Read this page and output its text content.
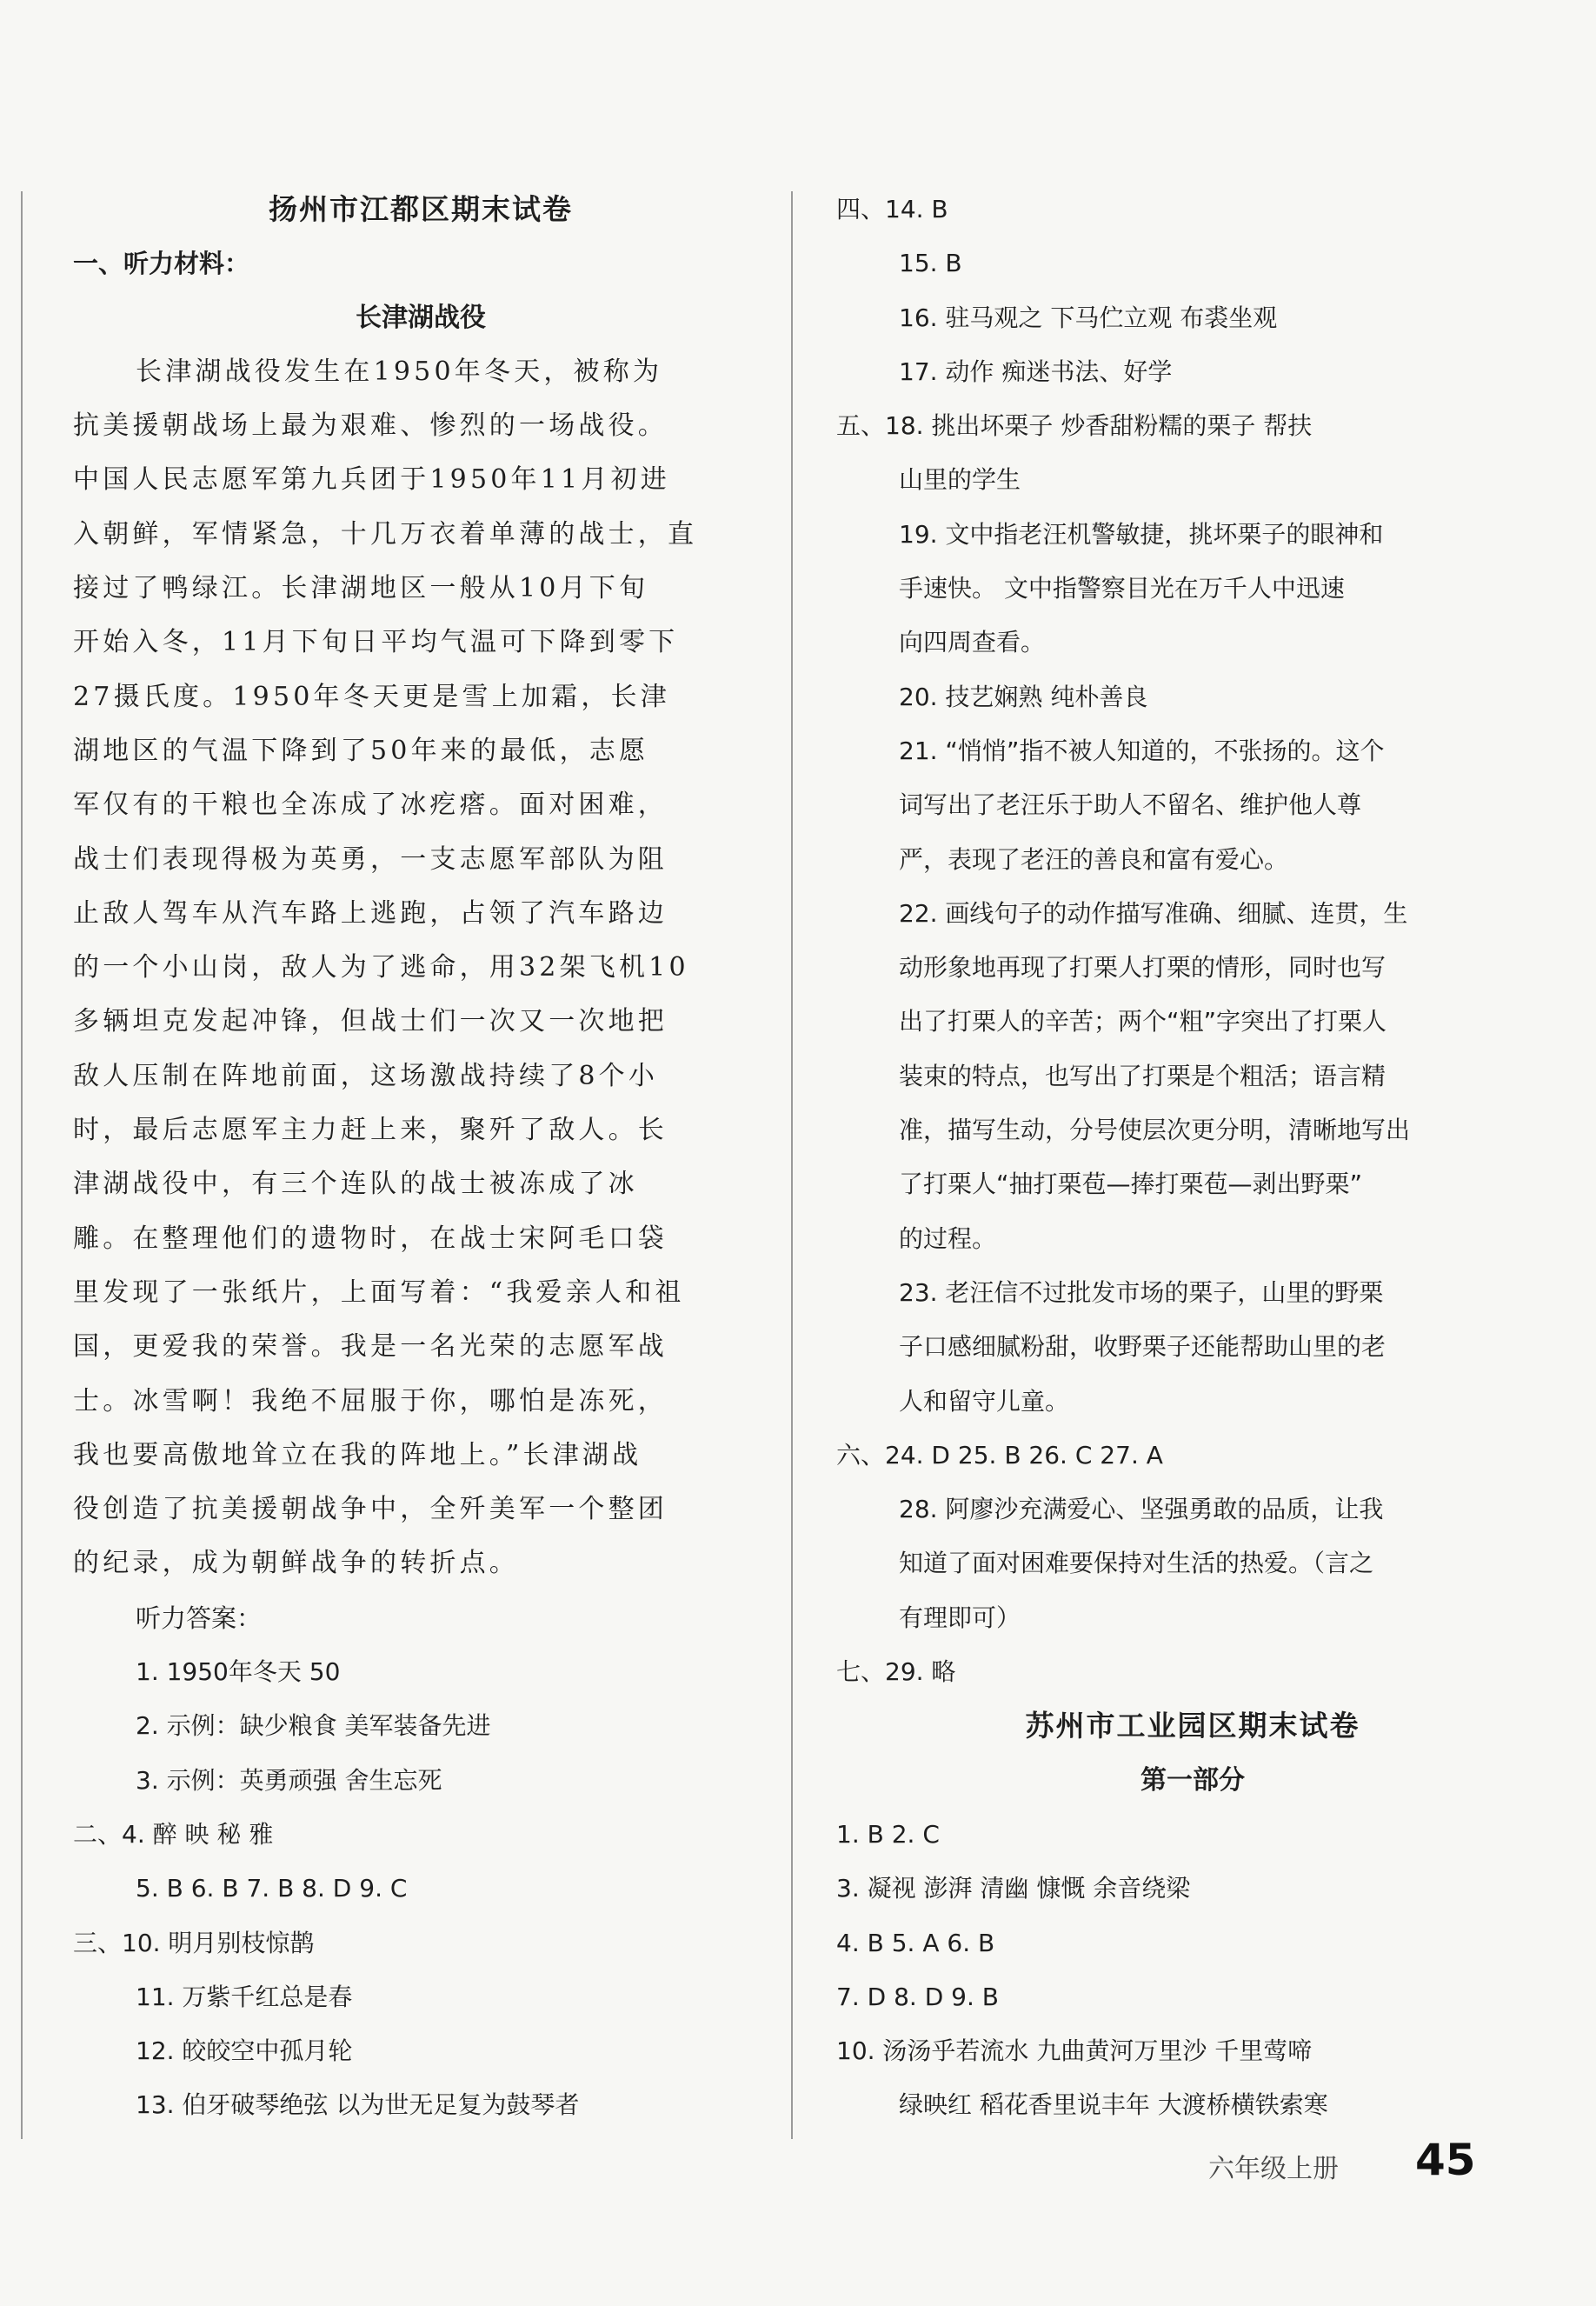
扬州市江都区期末试卷
一、听力材料：
长津湖战役
长津湖战役发生在1950年冬天，被称为
抗美援朝战场上最为艰难、惨烈的一场战役。
中国人民志愿军第九兵团于1950年11月初进
入朝鲜，军情紧急，十几万衣着单薄的战士，直
接过了鸭绿江。长津湖地区一般从10月下旬
开始入冬，11月下旬日平均气温可下降到零下
27摄氏度。1950年冬天更是雪上加霜，长津
湖地区的气温下降到了50年来的最低，志愿
军仅有的干粮也全冻成了冰疙瘩。面对困难，
战士们表现得极为英勇，一支志愿军部队为阻
止敌人驾车从汽车路上逃跑，占领了汽车路边
的一个小山岗，敌人为了逃命，用32架飞机10
多辆坦克发起冲锋，但战士们一次又一次地把
敌人压制在阵地前面，这场激战持续了8个小
时，最后志愿军主力赶上来，聚歼了敌人。长
津湖战役中，有三个连队的战士被冻成了冰
雕。在整理他们的遗物时，在战士宋阿毛口袋
里发现了一张纸片，上面写着：“我爱亲人和祖
国，更爱我的荣誉。我是一名光荣的志愿军战
士。冰雪啊！我绝不屈服于你，哪怕是冻死，
我也要高傲地耸立在我的阵地上。”长津湖战
役创造了抗美援朝战争中，全歼美军一个整团
的纪录，成为朝鲜战争的转折点。
听力答案：
1. 1950年冬天 50
2. 示例：缺少粮食 美军装备先进
3. 示例：英勇顽强 舍生忘死
二、4. 醉 映 秘 雅
5. B 6. B 7. B 8. D 9. C
三、10. 明月别枝惊鹊
11. 万紫千红总是春
12. 皎皎空中孤月轮
13. 伯牙破琴绝弦 以为世无足复为鼓琴者
四、14. B
15. B
16. 驻马观之 下马伫立观 布裘坐观
17. 动作 痴迷书法、好学
五、18. 挑出坏栗子 炒香甜粉糯的栗子 帮扶
山里的学生
19. 文中指老汪机警敏捷，挑坏栗子的眼神和
手速快。 文中指警察目光在万千人中迅速
向四周查看。
20. 技艺娴熟 纯朴善良
21. “悄悄”指不被人知道的，不张扬的。这个
词写出了老汪乐于助人不留名、维护他人尊
严，表现了老汪的善良和富有爱心。
22. 画线句子的动作描写准确、细腻、连贯，生
动形象地再现了打栗人打栗的情形，同时也写
出了打栗人的辛苦；两个“粗”字突出了打栗人
装束的特点，也写出了打栗是个粗活；语言精
准，描写生动，分号使层次更分明，清晰地写出
了打栗人“抽打栗苞—捧打栗苞—剥出野栗”
的过程。
23. 老汪信不过批发市场的栗子，山里的野栗
子口感细腻粉甜，收野栗子还能帮助山里的老
人和留守儿童。
六、24. D 25. B 26. C 27. A
28. 阿廖沙充满爱心、坚强勇敢的品质，让我
知道了面对困难要保持对生活的热爱。（言之
有理即可）
七、29. 略
苏州市工业园区期末试卷
第一部分
1. B 2. C
3. 凝视 澎湃 清幽 慷慨 余音绕梁
4. B 5. A 6. B
7. D 8. D 9. B
10. 汤汤乎若流水 九曲黄河万里沙 千里莺啼
绿映红 稻花香里说丰年 大渡桥横铁索寒
六年级上册 45
